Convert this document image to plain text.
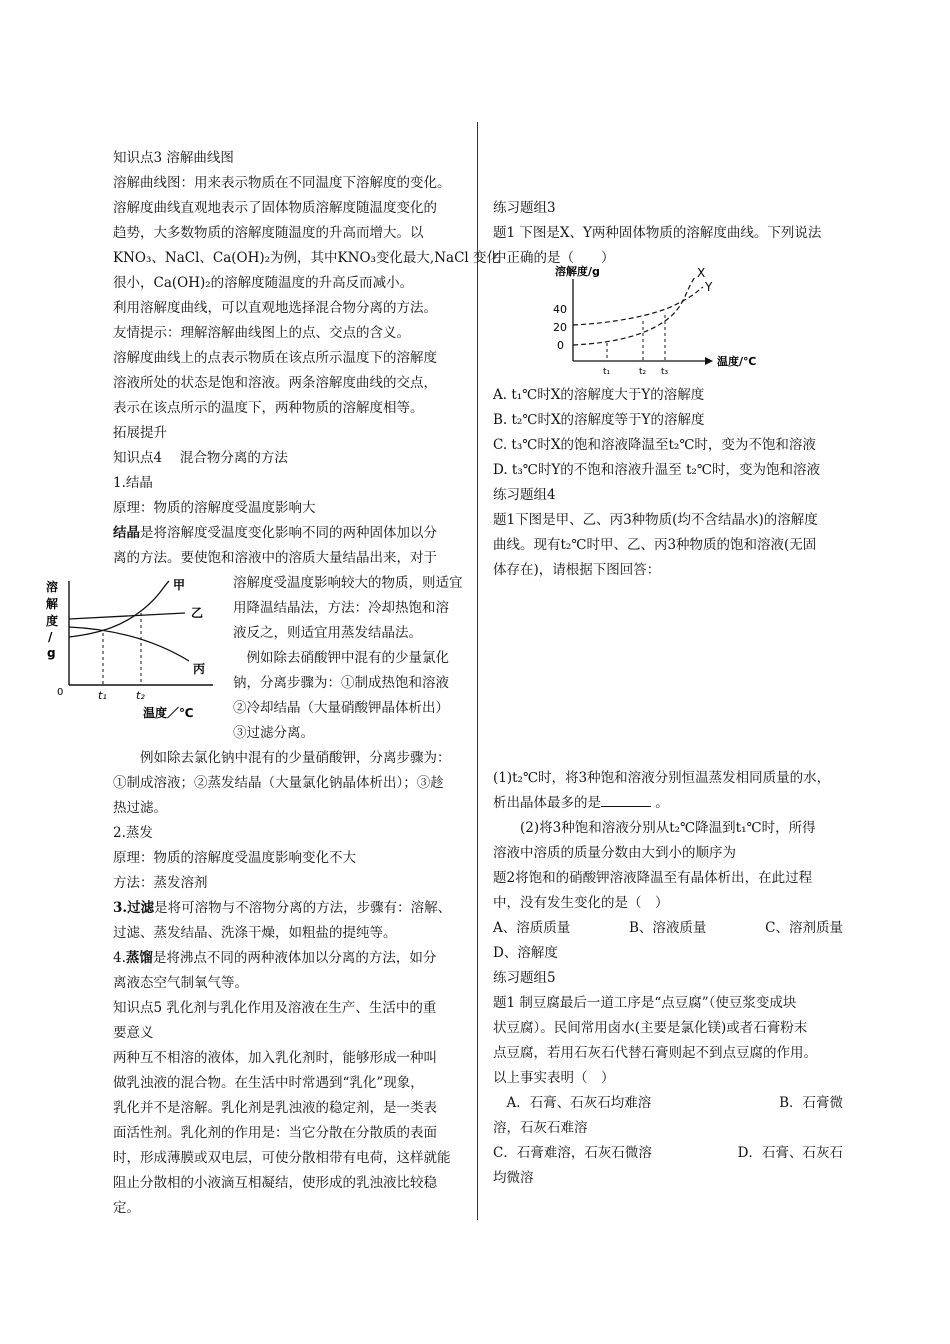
知识点3 溶解曲线图
溶解曲线图：用来表示物质在不同温度下溶解度的变化。
溶解度曲线直观地表示了固体物质溶解度随温度变化的
趋势，大多数物质的溶解度随温度的升高而增大。以
KNO₃、NaCl、Ca(OH)₂为例，其中KNO₃变化最大,NaCl 变化
很小，Ca(OH)₂的溶解度随温度的升高反而减小。
利用溶解度曲线，可以直观地选择混合物分离的方法。
友情提示：理解溶解曲线图上的点、交点的含义。
溶解度曲线上的点表示物质在该点所示温度下的溶解度
溶液所处的状态是饱和溶液。两条溶解度曲线的交点，
表示在该点所示的温度下，两种物质的溶解度相等。
拓展提升
知识点4　 混合物分离的方法
1.结晶
原理：物质的溶解度受温度影响大
结晶是将溶解度受温度变化影响不同的两种固体加以分
离的方法。要使饱和溶液中的溶质大量结晶出来，对于
溶
解
度
/
g
甲
乙
丙
0	t₁	t₂
温度／℃
溶解度受温度影响较大的物质，则适宜
用降温结晶法，方法：冷却热饱和溶
液反之，则适宜用蒸发结晶法。
　例如除去硝酸钾中混有的少量氯化
钠，分离步骤为：①制成热饱和溶液
②冷却结晶（大量硝酸钾晶体析出）
③过滤分离。
例如除去氯化钠中混有的少量硝酸钾，分离步骤为：
①制成溶液；②蒸发结晶（大量氯化钠晶体析出）；③趁
热过滤。
2.蒸发
原理：物质的溶解度受温度影响变化不大
方法：蒸发溶剂
3.过滤是将可溶物与不溶物分离的方法，步骤有：溶解、
过滤、蒸发结晶、洗涤干燥，如粗盐的提纯等。
4.蒸馏是将沸点不同的两种液体加以分离的方法，如分
离液态空气制氧气等。
知识点5 乳化剂与乳化作用及溶液在生产、生活中的重
要意义
两种互不相溶的液体，加入乳化剂时，能够形成一种叫
做乳浊液的混合物。在生活中时常遇到“乳化”现象，
乳化并不是溶解。乳化剂是乳浊液的稳定剂，是一类表
面活性剂。乳化剂的作用是：当它分散在分散质的表面
时，形成薄膜或双电层，可使分散相带有电荷，这样就能
阻止分散相的小液滴互相凝结，使形成的乳浊液比较稳
定。
练习题组3
题1 下图是X、Y两种固体物质的溶解度曲线。下列说法
中正确的是（　　）
溶解度/g
40
20
0
X
Y
t₁	t₂ t₃
温度/℃
A. t₁℃时X的溶解度大于Y的溶解度
B. t₂℃时X的溶解度等于Y的溶解度
C. t₃℃时X的饱和溶液降温至t₂℃时，变为不饱和溶液
D. t₃℃时Y的不饱和溶液升温至 t₂℃时，变为饱和溶液
练习题组4
题1下图是甲、乙、丙3种物质(均不含结晶水)的溶解度
曲线。现有t₂℃时甲、乙、丙3种物质的饱和溶液(无固
体存在)，请根据下图回答：
(1)t₂℃时，将3种饱和溶液分别恒温蒸发相同质量的水，
析出晶体最多的是	。
　　(2)将3种饱和溶液分别从t₂℃降温到t₁℃时，所得
溶液中溶质的质量分数由大到小的顺序为
题2将饱和的硝酸钾溶液降温至有晶体析出，在此过程
中，没有发生变化的是（　）
A、溶质质量	B、溶液质量	C、溶剂质量
D、溶解度
练习题组5
题1 制豆腐最后一道工序是“点豆腐”（使豆浆变成块
状豆腐）。民间常用卤水(主要是氯化镁)或者石膏粉末
点豆腐，若用石灰石代替石膏则起不到点豆腐的作用。
以上事实表明（　）
　A．石膏、石灰石均难溶	B．石膏微
溶，石灰石难溶
C．石膏难溶，石灰石微溶	D．石膏、石灰石
均微溶
